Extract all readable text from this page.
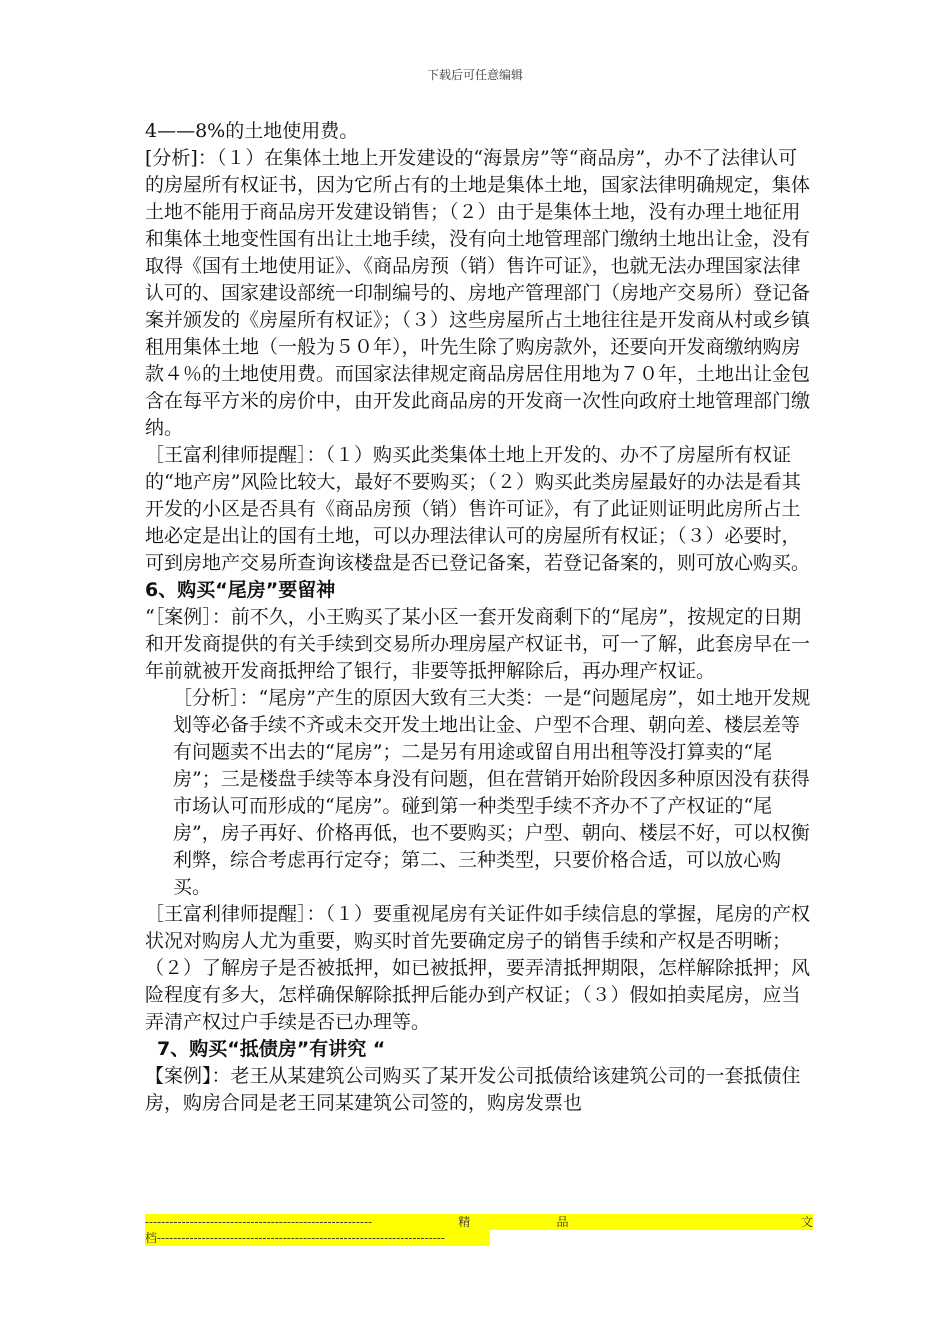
下载后可任意编辑

4——8%的土地使用费。

[分析]：（１）在集体土地上开发建设的“海景房”等“商品房”，办不了法律认可的房屋所有权证书，因为它所占有的土地是集体土地，国家法律明确规定，集体土地不能用于商品房开发建设销售；（２）由于是集体土地，没有办理土地征用和集体土地变性国有出让土地手续，没有向土地管理部门缴纳土地出让金，没有取得《国有土地使用证》、《商品房预（销）售许可证》，也就无法办理国家法律认可的、国家建设部统一印制编号的、房地产管理部门（房地产交易所）登记备案并颁发的《房屋所有权证》；（３）这些房屋所占土地往往是开发商从村或乡镇租用集体土地（一般为５０年），叶先生除了购房款外，还要向开发商缴纳购房款４％的土地使用费。而国家法律规定商品房居住用地为７０年，土地出让金包含在每平方米的房价中，由开发此商品房的开发商一次性向政府土地管理部门缴纳。

［王富利律师提醒］：（１）购买此类集体土地上开发的、办不了房屋所有权证的“地产房”风险比较大，最好不要购买；（２）购买此类房屋最好的办法是看其开发的小区是否具有《商品房预（销）售许可证》，有了此证则证明此房所占土地必定是出让的国有土地，可以办理法律认可的房屋所有权证；（３）必要时，可到房地产交易所查询该楼盘是否已登记备案，若登记备案的，则可放心购买。

6、购买“尾房”要留神

“［案例］：前不久，小王购买了某小区一套开发商剩下的“尾房”，按规定的日期和开发商提供的有关手续到交易所办理房屋产权证书，可一了解，此套房早在一年前就被开发商抵押给了银行，非要等抵押解除后，再办理产权证。

［分析］：“尾房”产生的原因大致有三大类：一是“问题尾房”，如土地开发规划等必备手续不齐或未交开发土地出让金、户型不合理、朝向差、楼层差等有问题卖不出去的“尾房”；二是另有用途或留自用出租等没打算卖的“尾房”；三是楼盘手续等本身没有问题，但在营销开始阶段因多种原因没有获得市场认可而形成的“尾房”。碰到第一种类型手续不齐办不了产权证的“尾房”，房子再好、价格再低，也不要购买；户型、朝向、楼层不好，可以权衡利弊，综合考虑再行定夺；第二、三种类型，只要价格合适，可以放心购买。

［王富利律师提醒］：（１）要重视尾房有关证件如手续信息的掌握，尾房的产权状况对购房人尤为重要，购买时首先要确定房子的销售手续和产权是否明晰；（２）了解房子是否被抵押，如已被抵押，要弄清抵押期限，怎样解除抵押；风险程度有多大，怎样确保解除抵押后能办到产权证；（３）假如拍卖尾房，应当弄清产权过户手续是否已办理等。

7、购买“抵债房”有讲究 “

【案例】：老王从某建筑公司购买了某开发公司抵债给该建筑公司的一套抵债住房，购房合同是老王同某建筑公司签的，购房发票也

--------------------------------------------------------	精	品	文
档-----------------------------------------------------------------------
